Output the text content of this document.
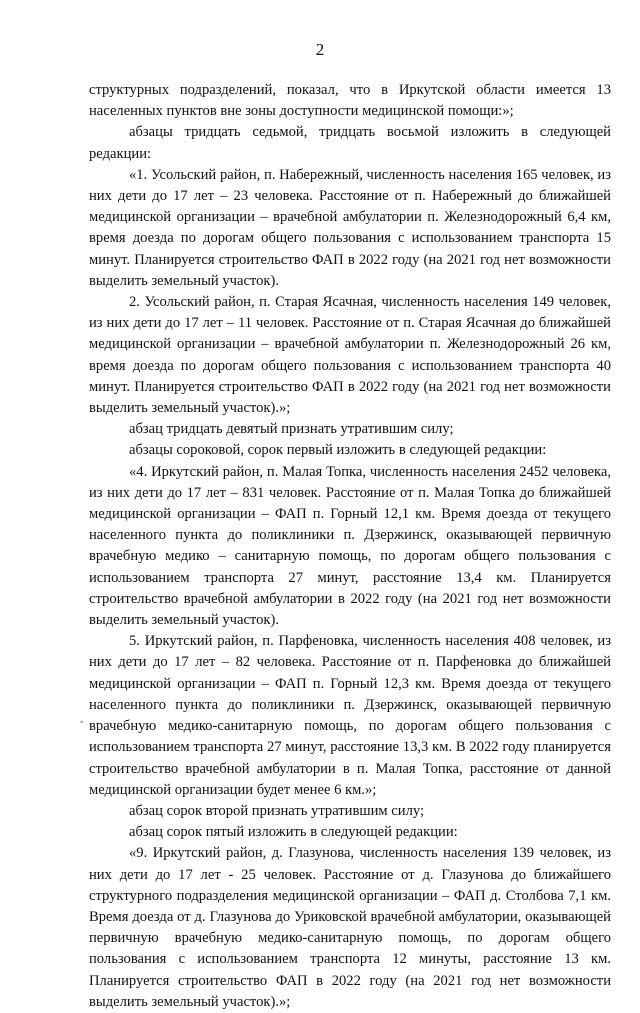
2

структурных подразделений, показал, что в Иркутской области имеется 13 населенных пунктов вне зоны доступности медицинской помощи:»;

абзацы тридцать седьмой, тридцать восьмой изложить в следующей редакции:

«1. Усольский район, п. Набережный, численность населения 165 человек, из них дети до 17 лет – 23 человека. Расстояние от п. Набережный до ближайшей медицинской организации – врачебной амбулатории п. Железнодорожный 6,4 км, время доезда по дорогам общего пользования с использованием транспорта 15 минут. Планируется строительство ФАП в 2022 году (на 2021 год нет возможности выделить земельный участок).

2. Усольский район, п. Старая Ясачная, численность населения 149 человек, из них дети до 17 лет – 11 человек. Расстояние от п. Старая Ясачная до ближайшей медицинской организации – врачебной амбулатории п. Железнодорожный 26 км, время доезда по дорогам общего пользования с использованием транспорта 40 минут. Планируется строительство ФАП в 2022 году (на 2021 год нет возможности выделить земельный участок).»;

абзац тридцать девятый признать утратившим силу;

абзацы сороковой, сорок первый изложить в следующей редакции:

«4. Иркутский район, п. Малая Топка, численность населения 2452 человека, из них дети до 17 лет – 831 человек. Расстояние от п. Малая Топка до ближайшей медицинской организации – ФАП п. Горный 12,1 км. Время доезда от текущего населенного пункта до поликлиники п. Дзержинск, оказывающей первичную врачебную медико – санитарную помощь, по дорогам общего пользования с использованием транспорта 27 минут, расстояние 13,4 км. Планируется строительство врачебной амбулатории в 2022 году (на 2021 год нет возможности выделить земельный участок).

5. Иркутский район, п. Парфеновка, численность населения 408 человек, из них дети до 17 лет – 82 человека. Расстояние от п. Парфеновка до ближайшей медицинской организации – ФАП п. Горный 12,3 км. Время доезда от текущего населенного пункта до поликлиники п. Дзержинск, оказывающей первичную врачебную медико-санитарную помощь, по дорогам общего пользования с использованием транспорта 27 минут, расстояние 13,3 км. В 2022 году планируется строительство врачебной амбулатории в п. Малая Топка, расстояние от данной медицинской организации будет менее 6 км.»;

абзац сорок второй признать утратившим силу;

абзац сорок пятый изложить в следующей редакции:

«9. Иркутский район, д. Глазунова, численность населения 139 человек, из них дети до 17 лет - 25 человек. Расстояние от д. Глазунова до ближайшего структурного подразделения медицинской организации – ФАП д. Столбова 7,1 км. Время доезда от д. Глазунова до Уриковской врачебной амбулатории, оказывающей первичную врачебную медико-санитарную помощь, по дорогам общего пользования с использованием транспорта 12 минуты, расстояние 13 км. Планируется строительство ФАП в 2022 году (на 2021 год нет возможности выделить земельный участок).»;

◦
